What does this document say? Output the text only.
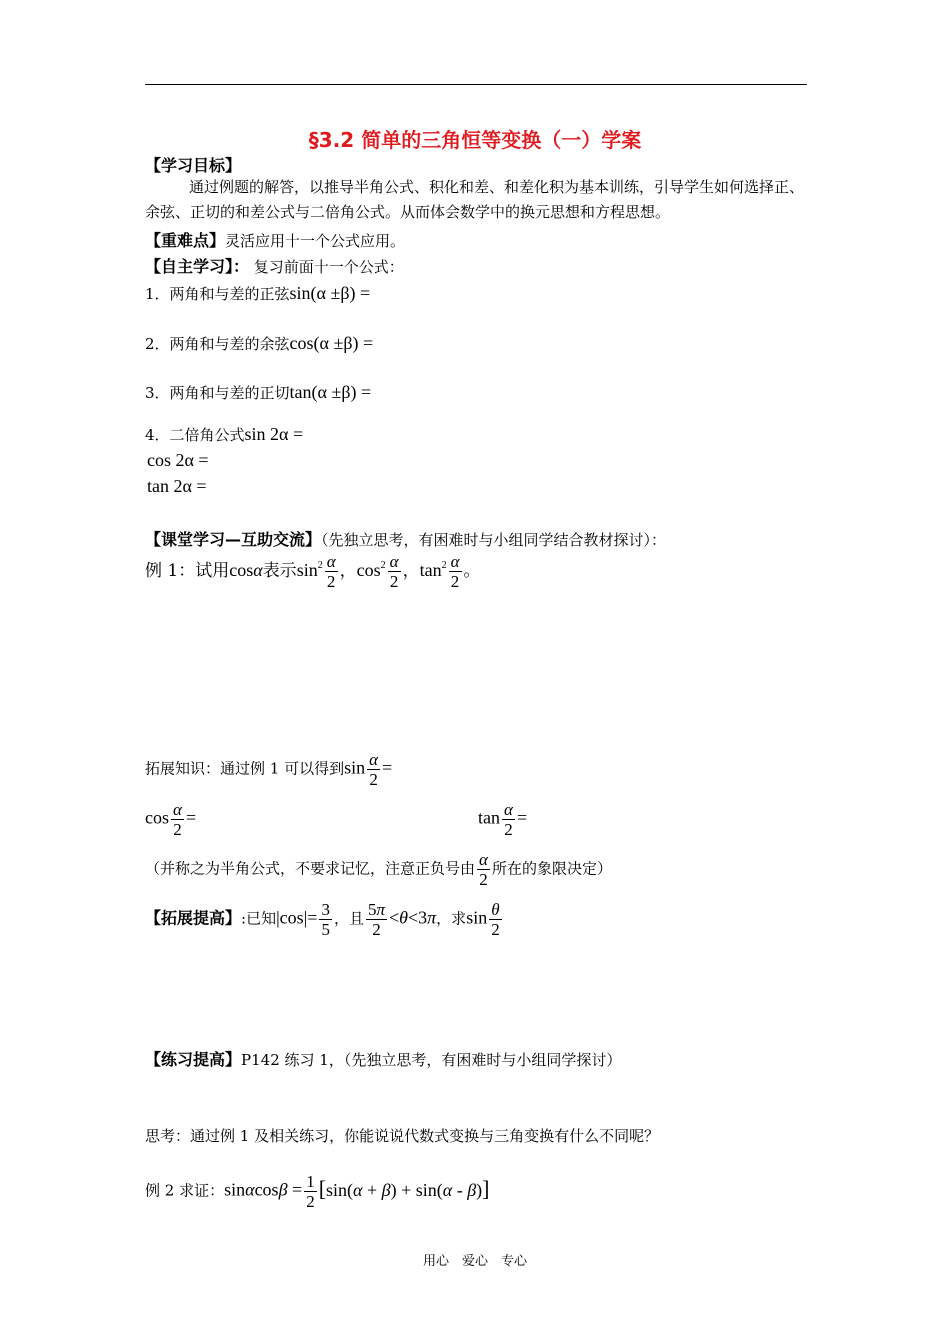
§3.2 简单的三角恒等变换（一）学案
【学习目标】
通过例题的解答，以推导半角公式、积化和差、和差化积为基本训练，引导学生如何选择正、余弦、正切的和差公式与二倍角公式。从而体会数学中的换元思想和方程思想。
【重难点】灵活应用十一个公式应用。
【自主学习】： 复习前面十一个公式：
1．两角和与差的正弦sin(α ±β) =
2．两角和与差的余弦cos(α ±β) =
3．两角和与差的正切tan(α ±β) =
4．二倍角公式sin 2α =
cos 2α =
tan 2α =
【课堂学习—互助交流】（先独立思考，有困难时与小组同学结合教材探讨）：
例 1：试用cosα表示$\sin^2 \frac{\alpha}{2}$ ，$\cos^2 \frac{\alpha}{2}$ ，$\tan^2 \frac{\alpha}{2}$ 。
拓展知识：通过例 1 可以得到$\sin \frac{\alpha}{2}$ =
$\cos \frac{\alpha}{2}$ =	$\tan \frac{\alpha}{2}$ =
（并称之为半角公式，不要求记忆，注意正负号由 $\frac{\alpha}{2}$ 所在的象限决定）
【拓展提高】:已知$|\cos|= \frac{3}{5}$ ，且 $\frac{5\pi}{2} <\theta<3\pi$，求$\sin \frac{\theta}{2}$
【练习提高】P142 练习 1，（先独立思考，有困难时与小组同学探讨）
思考：通过例 1 及相关练习，你能说说代数式变换与三角变换有什么不同呢？
例 2 求证：$\sin\alpha\cos\beta = \frac{1}{2} [\sin(\alpha + \beta) + \sin(\alpha - \beta)]$
用心　爱心　专心
